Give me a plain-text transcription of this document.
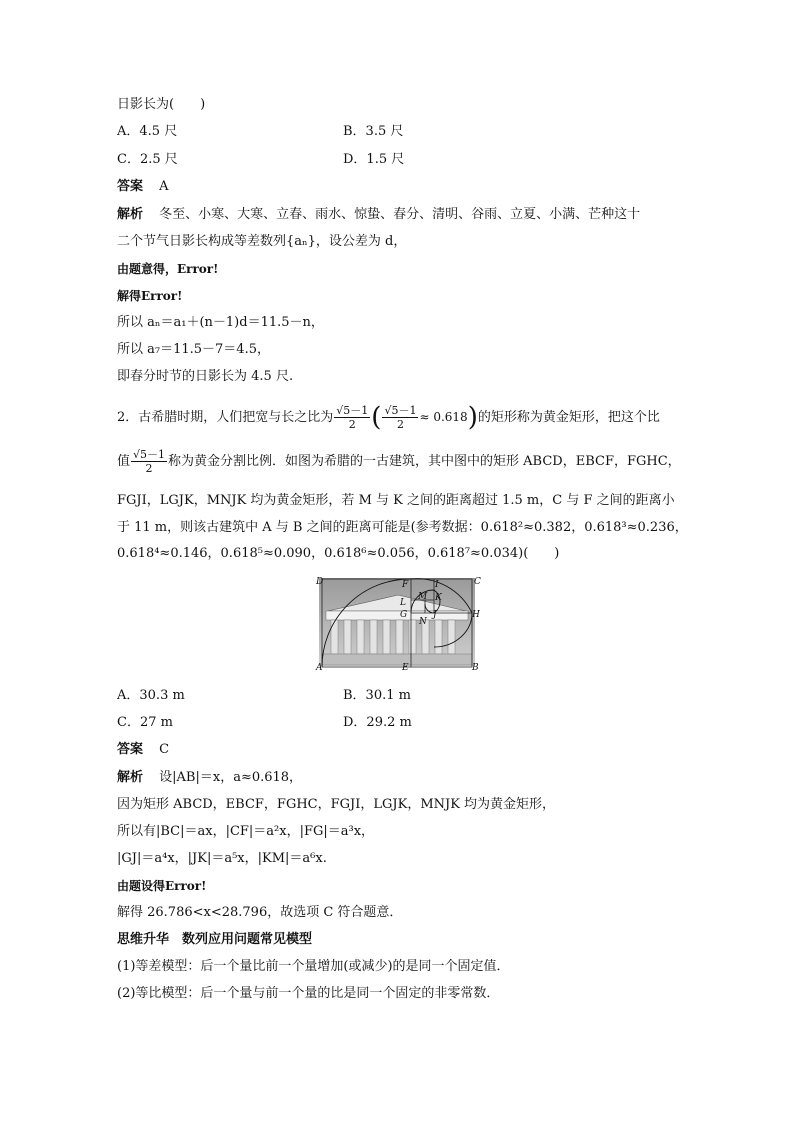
日影长为(　　)
A．4.5 尺	B．3.5 尺
C．2.5 尺	D．1.5 尺
答案 A
解析 冬至、小寒、大寒、立春、雨水、惊蛰、春分、清明、谷雨、立夏、小满、芒种这十
二个节气日影长构成等差数列{aₙ}，设公差为 d，
由题意得，Error!
解得Error!
所以 aₙ＝a₁＋(n－1)d＝11.5－n，
所以 a₇＝11.5－7＝4.5，
即春分时节的日影长为 4.5 尺.
2．古希腊时期，人们把宽与长之比为 $\frac{√5-1}{2}$ ( $\frac{√5-1}{2} \approx 0.618$)的矩形称为黄金矩形，把这个比
值 $\frac{√5-1}{2}$ 称为黄金分割比例．如图为希腊的一古建筑，其中图中的矩形 ABCD，EBCF，FGHC，
FGJI，LGJK，MNJK 均为黄金矩形，若 M 与 K 之间的距离超过 1.5 m，C 与 F 之间的距离小
于 11 m，则该古建筑中 A 与 B 之间的距离可能是(参考数据：0.618²≈0.382，0.618³≈0.236，
0.618⁴≈0.146，0.618⁵≈0.090，0.618⁶≈0.056，0.618⁷≈0.034)(　　)
D	F	I	C
M K
L
H
G
N
J
A	E	B
A．30.3 m	B．30.1 m
C．27 m	D．29.2 m
答案 C
解析 设|AB|＝x，a≈0.618，
因为矩形 ABCD，EBCF，FGHC，FGJI，LGJK，MNJK 均为黄金矩形，
所以有|BC|＝ax，|CF|＝a²x，|FG|＝a³x，
|GJ|＝a⁴x，|JK|＝a⁵x，|KM|＝a⁶x.
由题设得Error!
解得 26.786<x<28.796，故选项 C 符合题意．
思维升华　数列应用问题常见模型
(1)等差模型：后一个量比前一个量增加(或减少)的是同一个固定值．
(2)等比模型：后一个量与前一个量的比是同一个固定的非零常数．
